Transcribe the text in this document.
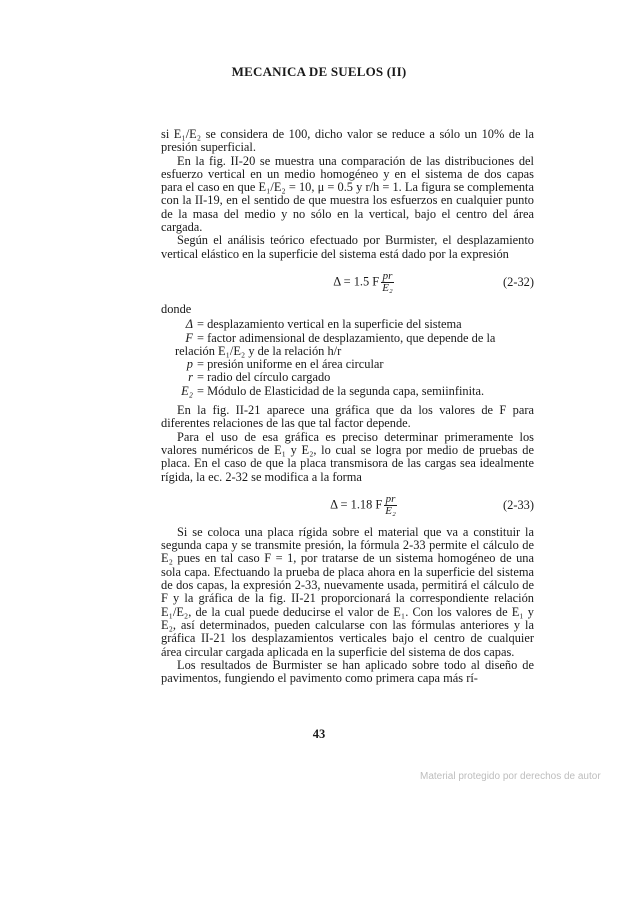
MECANICA DE SUELOS (II)

si E₁/E₂ se considera de 100, dicho valor se reduce a sólo un 10% de la presión superficial.

En la fig. II-20 se muestra una comparación de las distribuciones del esfuerzo vertical en un medio homogéneo y en el sistema de dos capas para el caso en que E₁/E₂ = 10, μ = 0.5 y r/h = 1. La figura se complementa con la II-19, en el sentido de que muestra los esfuerzos en cualquier punto de la masa del medio y no sólo en la vertical, bajo el centro del área cargada.

Según el análisis teórico efectuado por Burmister, el desplazamiento vertical elástico en la superficie del sistema está dado por la expresión

Δ = 1.5 F $\frac{pr}{\text{E₂}}$	(2-32)

donde

Δ = desplazamiento vertical en la superficie del sistema
F = factor adimensional de desplazamiento, que depende de la
relación E₁/E₂ y de la relación h/r
p = presión uniforme en el área circular
r = radio del círculo cargado
E₂ = Módulo de Elasticidad de la segunda capa, semiinfinita.

En la fig. II-21 aparece una gráfica que da los valores de F para diferentes relaciones de las que tal factor depende.

Para el uso de esa gráfica es preciso determinar primeramente los valores numéricos de E₁ y E₂, lo cual se logra por medio de pruebas de placa. En el caso de que la placa transmisora de las cargas sea idealmente rígida, la ec. 2-32 se modifica a la forma

Δ = 1.18 F $\frac{pr}{\text{E₂}}$	(2-33)

Si se coloca una placa rígida sobre el material que va a constituir la segunda capa y se transmite presión, la fórmula 2-33 permite el cálculo de E₂ pues en tal caso F = 1, por tratarse de un sistema homogéneo de una sola capa. Efectuando la prueba de placa ahora en la superficie del sistema de dos capas, la expresión 2-33, nuevamente usada, permitirá el cálculo de F y la gráfica de la fig. II-21 proporcionará la correspondiente relación E₁/E₂, de la cual puede deducirse el valor de E₁. Con los valores de E₁ y E₂, así determinados, pueden calcularse con las fórmulas anteriores y la gráfica II-21 los desplazamientos verticales bajo el centro de cualquier área circular cargada aplicada en la superficie del sistema de dos capas.

Los resultados de Burmister se han aplicado sobre todo al diseño de pavimentos, fungiendo el pavimento como primera capa más rí-

43
Material protegido por derechos de autor
